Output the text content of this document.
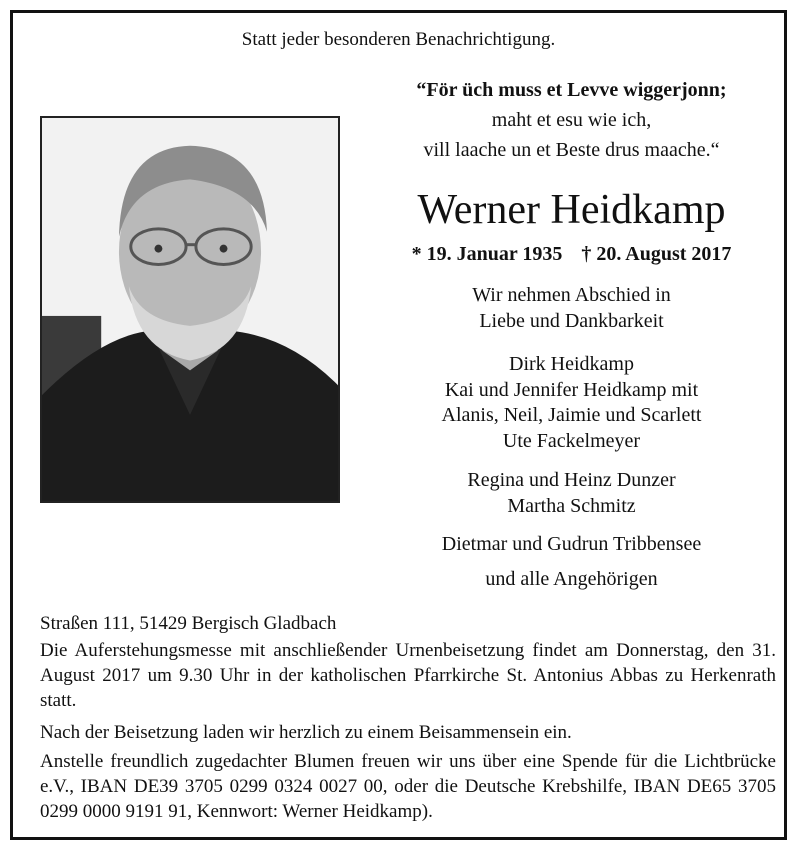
Statt jeder besonderen Benachrichtigung.
“För üch muss et Levve wiggerjonn;
maht et esu wie ich,
vill laache un et Beste drus maache.“
Werner Heidkamp
* 19. Januar 1935 † 20. August 2017
Wir nehmen Abschied in
Liebe und Dankbarkeit
Dirk Heidkamp
Kai und Jennifer Heidkamp mit
Alanis, Neil, Jaimie und Scarlett
Ute Fackelmeyer
Regina und Heinz Dunzer
Martha Schmitz
Dietmar und Gudrun Tribbensee
und alle Angehörigen
Straßen 111, 51429 Bergisch Gladbach
Die Auferstehungsmesse mit anschließender Urnenbeisetzung findet am Donnerstag, den 31. August 2017 um 9.30 Uhr in der katholischen Pfarrkirche St. Antonius Abbas zu Herkenrath statt.
Nach der Beisetzung laden wir herzlich zu einem Beisammensein ein.
Anstelle freundlich zugedachter Blumen freuen wir uns über eine Spende für die Lichtbrücke e.V., IBAN DE39 3705 0299 0324 0027 00, oder die Deutsche Krebshilfe, IBAN DE65 3705 0299 0000 9191 91, Kennwort: Werner Heidkamp).
